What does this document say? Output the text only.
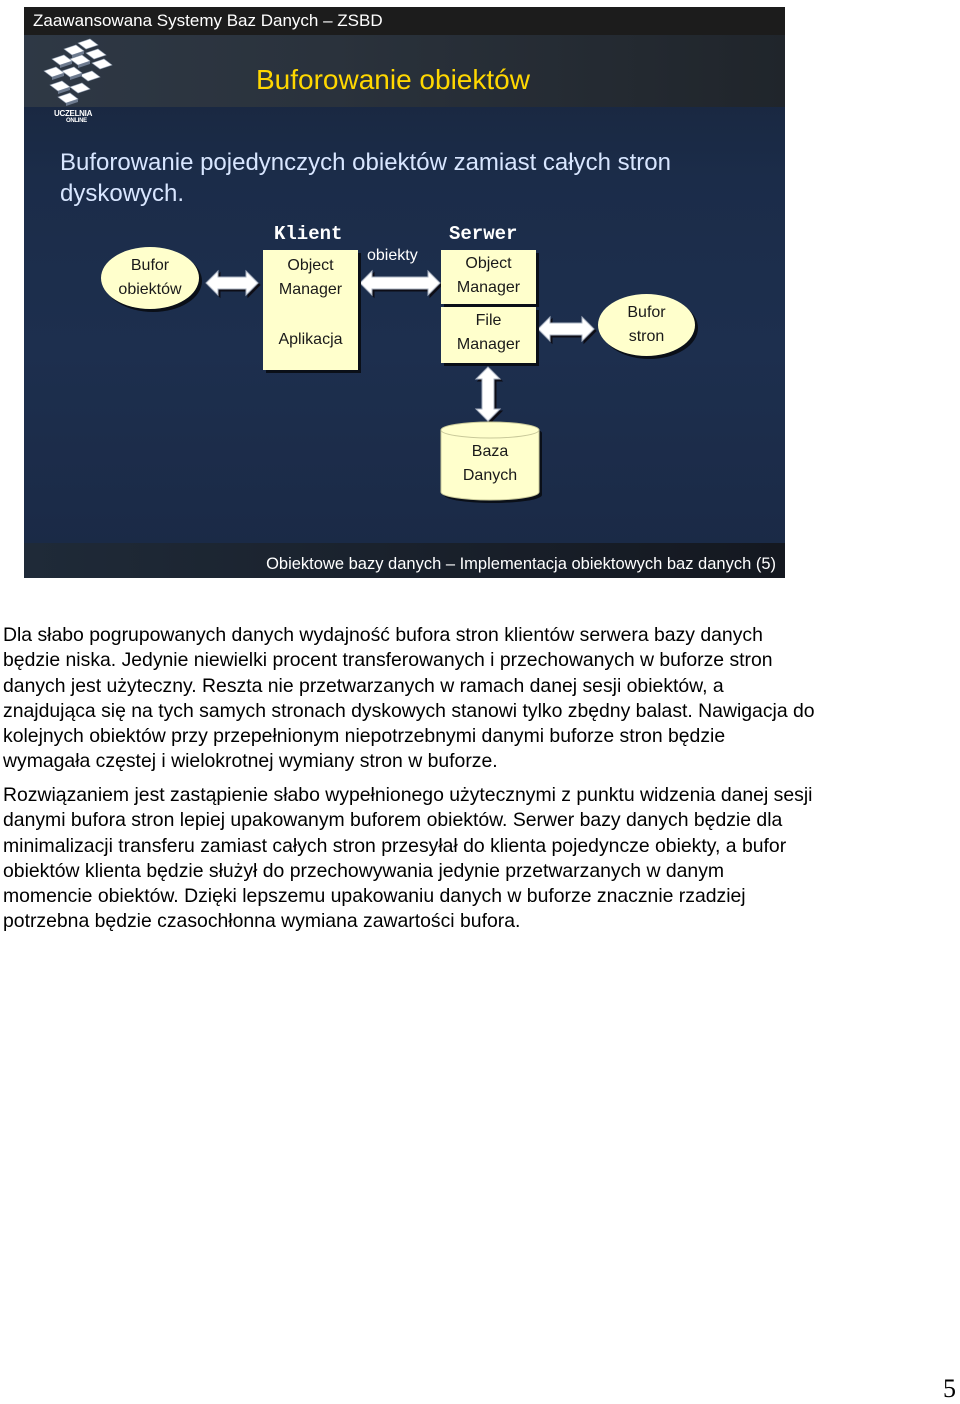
Zaawansowana Systemy Baz Danych – ZSBD
UCZELNIA
ONLINE
Buforowanie obiektów
Buforowanie pojedynczych obiektów zamiast całych stron dyskowych.
Klient	Serwer
obiekty
Bufor
obiektów
Object
Manager
Aplikacja
Object
Manager
File
Manager
Bufor
stron
Baza
Danych
Obiektowe bazy danych – Implementacja obiektowych baz danych (5)

Dla słabo pogrupowanych danych wydajność bufora stron klientów serwera bazy danych będzie niska. Jedynie niewielki procent transferowanych i przechowanych w buforze stron danych jest użyteczny. Reszta nie przetwarzanych w ramach danej sesji obiektów, a znajdująca się na tych samych stronach dyskowych stanowi tylko zbędny balast. Nawigacja do kolejnych obiektów przy przepełnionym niepotrzebnymi danymi buforze stron będzie wymagała częstej i wielokrotnej wymiany stron w buforze.

Rozwiązaniem jest zastąpienie słabo wypełnionego użytecznymi z punktu widzenia danej sesji danymi bufora stron lepiej upakowanym buforem obiektów. Serwer bazy danych będzie dla minimalizacji transferu zamiast całych stron przesyłał do klienta pojedyncze obiekty, a bufor obiektów klienta będzie służył do przechowywania jedynie przetwarzanych w danym momencie obiektów. Dzięki lepszemu upakowaniu danych w buforze znacznie rzadziej potrzebna będzie czasochłonna wymiana zawartości bufora.

5
